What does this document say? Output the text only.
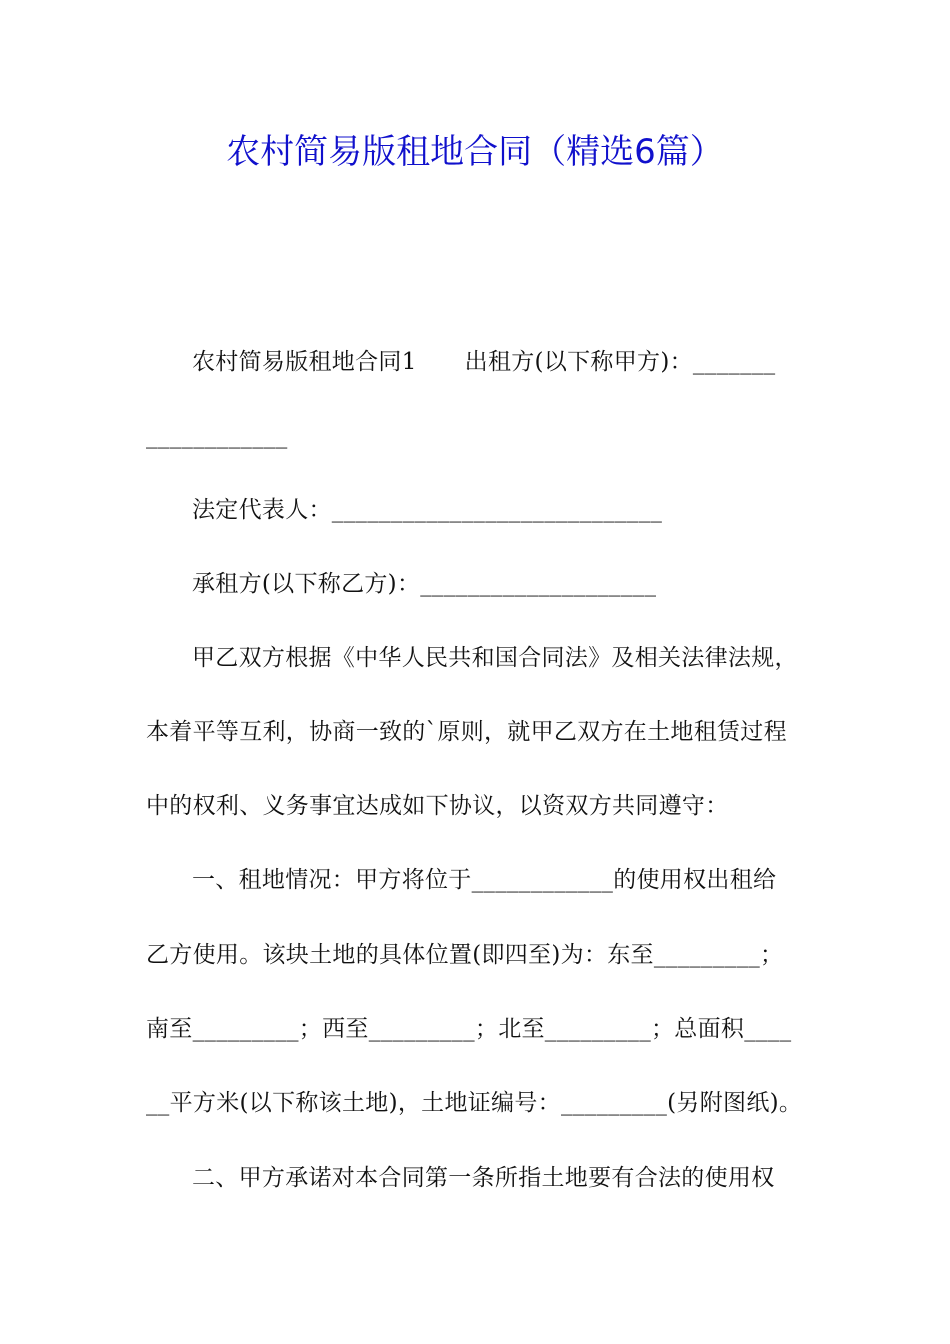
农村简易版租地合同（精选6篇）
农村简易版租地合同1 出租方(以下称甲方)：_______
____________
法定代表人：____________________________
承租方(以下称乙方)：____________________
甲乙双方根据《中华人民共和国合同法》及相关法律法规，
本着平等互利，协商一致的`原则，就甲乙双方在土地租赁过程
中的权利、义务事宜达成如下协议，以资双方共同遵守：
一、租地情况：甲方将位于____________的使用权出租给
乙方使用。该块土地的具体位置(即四至)为：东至_________；
南至_________；西至_________；北至_________；总面积____
__平方米(以下称该土地)，土地证编号：_________(另附图纸)。
二、甲方承诺对本合同第一条所指土地要有合法的使用权
